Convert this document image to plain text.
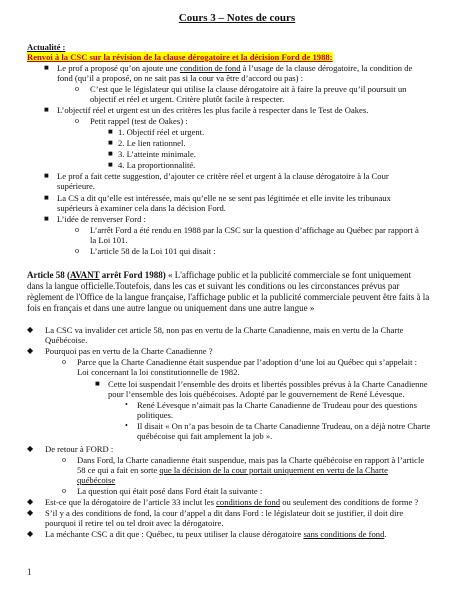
Cours 3 – Notes de cours
Actualité :
Renvoi à la CSC sur la révision de la clause dérogatoire et la décision Ford de 1988:
■ Le prof a proposé qu’on ajoute une condition de fond à l’usage de la clause dérogatoire, la condition de
fond (qu’il a proposé, on ne sait pas si la cour va être d’accord ou pas) :
o C’est que le législateur qui utilise la clause dérogatoire ait à faire la preuve qu’il poursuit un
objectif et réel et urgent. Critère plutôt facile à respecter.
■ L’objectif réel et urgent est un des critères les plus facile à respecter dans le Test de Oakes.
o Petit rappel (test de Oakes) :
■ 1. Objectif réel et urgent.
■ 2. Le lien rationnel.
■ 3. L’atteinte minimale.
■ 4. La proportionnalité.
■ Le prof a fait cette suggestion, d’ajouter ce critère réel et urgent à la clause dérogatoire à la Cour
supérieure.
■ La CS a dit qu’elle est intéressée, mais qu’elle ne se sent pas légitimée et elle invite les tribunaux
supérieurs à examiner cela dans la décision Ford.
■ L’idée de renverser Ford :
o L’arrêt Ford a été rendu en 1988 par la CSC sur la question d’affichage au Québec par rapport à
la Loi 101.
o L’article 58 de la Loi 101 qui disait :
Article 58 (AVANT arrêt Ford 1988) « L'affichage public et la publicité commerciale se font uniquement
dans la langue officielle.Toutefois, dans les cas et suivant les conditions ou les circonstances prévus par
règlement de l'Office de la langue française, l'affichage public et la publicité commerciale peuvent être faits à la
fois en français et dans une autre langue ou uniquement dans une autre langue »
◆ La CSC va invalider cet article 58, non pas en vertu de la Charte Canadienne, mais en vertu de la Charte
Québécoise.
◆ Pourquoi pas en vertu de la Charte Canadienne ?
o Parce que la Charte Canadienne était suspendue par l’adoption d’une loi au Québec qui s’appelait :
Loi concernant la loi constitutionnelle de 1982.
■ Cette loi suspendait l’ensemble des droits et libertés possibles prévus à la Charte Canadienne
pour l’ensemble des lois québécoises. Adopté par le gouvernement de René Lévesque.
• René Lévesque n’aimait pas la Charte Canadienne de Trudeau pour des questions
politiques.
• Il disait « On n’a pas besoin de ta Charte Canadienne Trudeau, on a déjà notre Charte
québécoise qui fait amplement la job ».
◆ De retour à FORD :
o Dans Ford, la Charte canadienne était suspendue, mais pas la Charte québécoise en rapport à l’article
58 ce qui a fait en sorte que la décision de la cour portait uniquement en vertu de la Charte
québécoise
o La question qui était posé dans Ford était la suivante :
◆ Est-ce que la dérogatoire de l’article 33 inclut les conditions de fond ou seulement des conditions de forme ?
◆ S’il y a des conditions de fond, la cour d’appel a dit dans Ford : le législateur doit se justifier, il doit dire
pourquoi il retire tel ou tel droit avec la dérogatoire.
◆ La méchante CSC a dit que : Québec, tu peux utiliser la clause dérogatoire sans conditions de fond.
1
